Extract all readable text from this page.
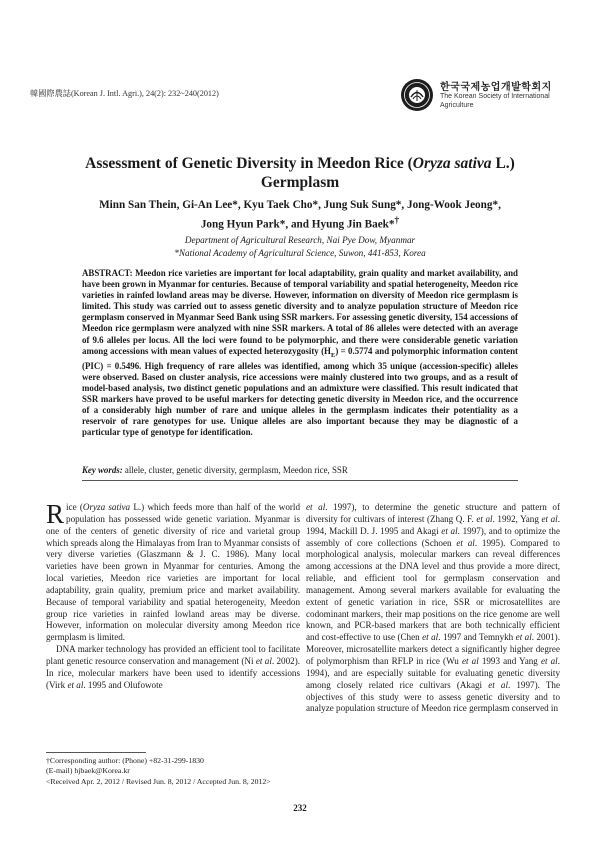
韓國際農誌(Korean J. Intl. Agri.), 24(2): 232~240(2012)
한국국제농업개발학회지
The Korean Society of International
Agriculture
Assessment of Genetic Diversity in Meedon Rice (Oryza sativa L.)
Germplasm
Minn San Thein, Gi-An Lee*, Kyu Taek Cho*, Jung Suk Sung*, Jong-Wook Jeong*,
Jong Hyun Park*, and Hyung Jin Baek*†
Department of Agricultural Research, Nai Pye Dow, Myanmar
*National Academy of Agricultural Science, Suwon, 441-853, Korea

ABSTRACT: Meedon rice varieties are important for local adaptability, grain quality and market availability, and have been grown in Myanmar for centuries. Because of temporal variability and spatial heterogeneity, Meedon rice varieties in rainfed lowland areas may be diverse. However, information on diversity of Meedon rice germplasm is limited. This study was carried out to assess genetic diversity and to analyze population structure of Meedon rice germplasm conserved in Myanmar Seed Bank using SSR markers. For assessing genetic diversity, 154 accessions of Meedon rice germplasm were analyzed with nine SSR markers. A total of 86 alleles were detected with an average of 9.6 alleles per locus. All the loci were found to be polymorphic, and there were considerable genetic variation among accessions with mean values of expected heterozygosity $(H_E) = 0.5774$ and polymorphic information content (PIC) = 0.5496. High frequency of rare alleles was identified, among which 35 unique (accession-specific) alleles were observed. Based on cluster analysis, rice accessions were mainly clustered into two groups, and as a result of model-based analysis, two distinct genetic populations and an admixture were classified. This result indicated that SSR markers have proved to be useful markers for detecting genetic diversity in Meedon rice, and the occurrence of a considerably high number of rare and unique alleles in the germplasm indicates their potentiality as a reservoir of rare genotypes for use. Unique alleles are also important because they may be diagnostic of a particular type of genotype for identification.

Key words: allele, cluster, genetic diversity, germplasm, Meedon rice, SSR

Rice (Oryza sativa L.) which feeds more than half of the world population has possessed wide genetic variation. Myanmar is one of the centers of genetic diversity of rice and varietal group which spreads along the Himalayas from Iran to Myanmar consists of very diverse varieties (Glaszmann & J. C. 1986). Many local varieties have been grown in Myanmar for centuries. Among the local varieties, Meedon rice varieties are important for local adaptability, grain quality, premium price and market availability. Because of temporal variability and spatial heterogeneity, Meedon group rice varieties in rainfed lowland areas may be diverse. However, information on molecular diversity among Meedon rice germplasm is limited.

DNA marker technology has provided an efficient tool to facilitate plant genetic resource conservation and management (Ni et al. 2002). In rice, molecular markers have been used to identify accessions (Virk et al. 1995 and Olufowote

et al. 1997), to determine the genetic structure and pattern of diversity for cultivars of interest (Zhang Q. F. et al. 1992, Yang et al. 1994, Mackill D. J. 1995 and Akagi et al. 1997), and to optimize the assembly of core collections (Schoen et al. 1995). Compared to morphological analysis, molecular markers can reveal differences among accessions at the DNA level and thus provide a more direct, reliable, and efficient tool for germplasm conservation and management. Among several markers available for evaluating the extent of genetic variation in rice, SSR or microsatellites are codominant markers, their map positions on the rice genome are well known, and PCR-based markers that are both technically efficient and cost-effective to use (Chen et al. 1997 and Temnykh et al. 2001). Moreover, microsatellite markers detect a significantly higher degree of polymorphism than RFLP in rice (Wu et al 1993 and Yang et al. 1994), and are especially suitable for evaluating genetic diversity among closely related rice cultivars (Akagi et al. 1997). The objectives of this study were to assess genetic diversity and to analyze population structure of Meedon rice germplasm conserved in

†Corresponding author: (Phone) +82-31-299-1830
(E-mail) hjbaek@Korea.kr
<Received Apr. 2, 2012 / Revised Jun. 8, 2012 / Accepted Jun. 8, 2012>
232
